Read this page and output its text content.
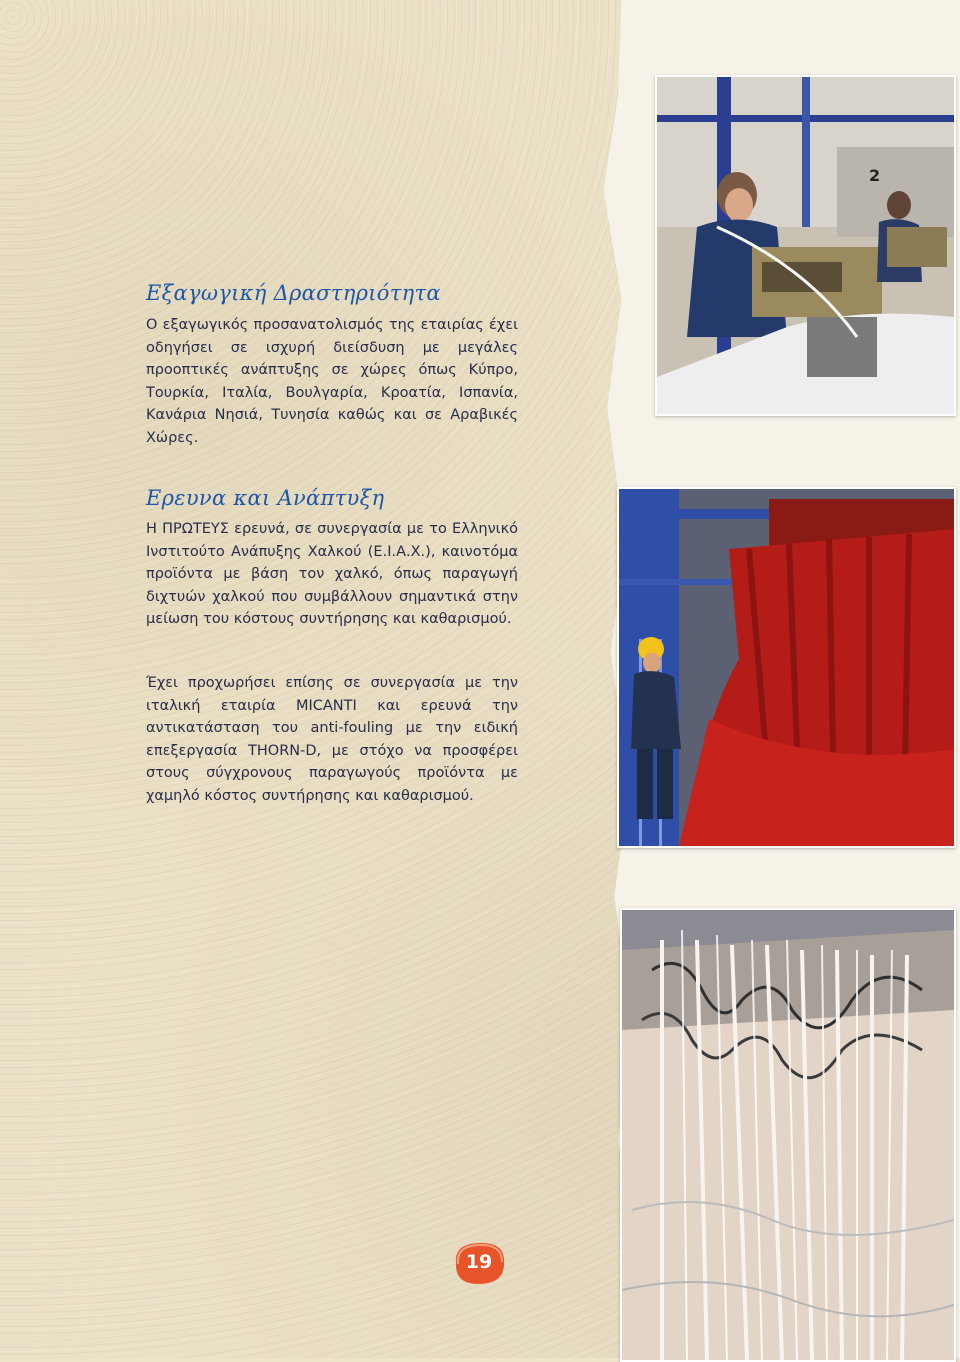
Εξαγωγική Δραστηριότητα

Ο εξαγωγικός προσανατολισμός της εταιρίας έχει οδηγήσει σε ισχυρή διείσδυση με μεγάλες προοπτικές ανάπτυξης σε χώρες όπως Κύπρο, Τουρκία, Ιταλία, Βουλγαρία, Κροατία, Ισπανία, Κανάρια Νησιά, Τυνησία καθώς και σε Αραβικές Χώρες.

Ερευνα και Ανάπτυξη

Η ΠΡΩΤΕΥΣ ερευνά, σε συνεργασία με το Ελληνικό Ινστιτούτο Ανάπυξης Χαλκού (Ε.Ι.Α.Χ.), καινοτόμα προϊόντα με βάση τον χαλκό, όπως παραγωγή διχτυών χαλκού που συμβάλλουν σημαντικά στην μείωση του κόστους συντήρησης και καθαρισμού.

Έχει προχωρήσει επίσης σε συνεργασία με την ιταλική εταιρία MICANTI και ερευνά την αντικατάσταση του anti-fouling με την ειδική επεξεργασία THORN-D, με στόχο να προσφέρει στους σύγχρονους παραγωγούς προϊόντα με χαμηλό κόστος συντήρησης και καθαρισμού.

2
19
